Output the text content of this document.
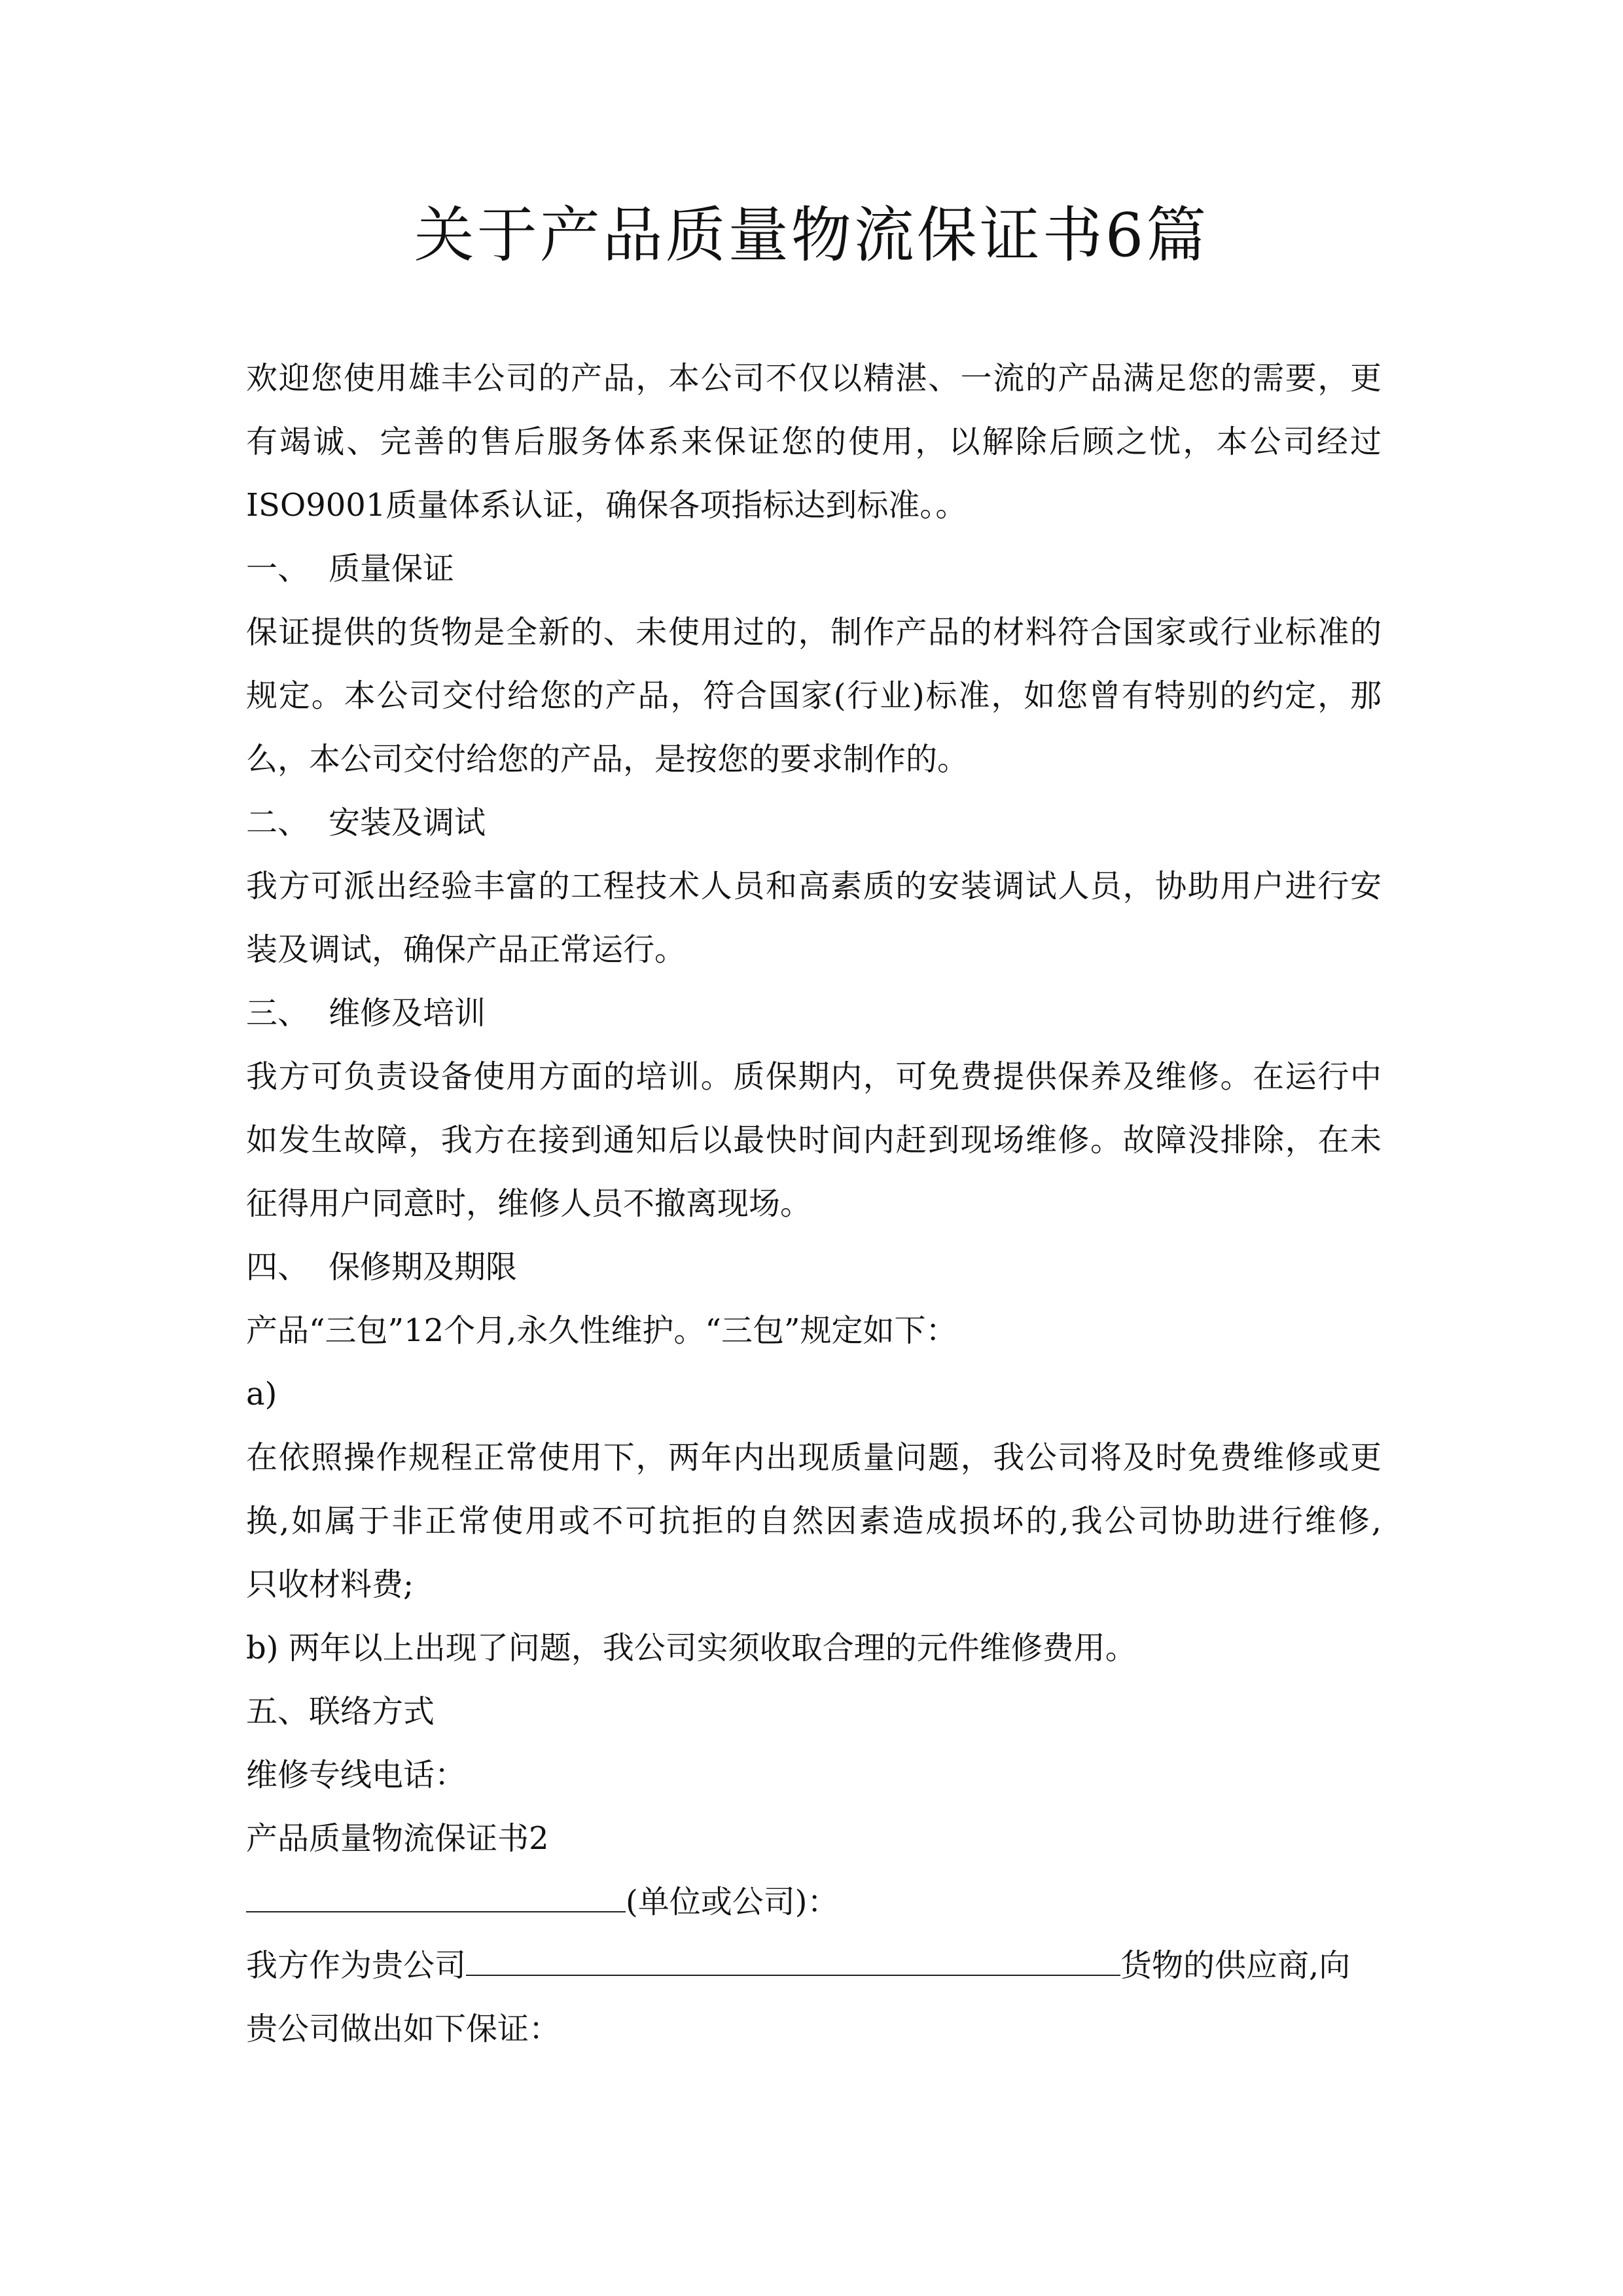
关于产品质量物流保证书6篇
欢迎您使用雄丰公司的产品，本公司不仅以精湛、一流的产品满足您的需要，更
有竭诚、完善的售后服务体系来保证您的使用，以解除后顾之忧，本公司经过
ISO9001质量体系认证，确保各项指标达到标准。。
一、 质量保证
保证提供的货物是全新的、未使用过的，制作产品的材料符合国家或行业标准的
规定。本公司交付给您的产品，符合国家(行业)标准，如您曾有特别的约定，那
么，本公司交付给您的产品，是按您的要求制作的。
二、 安装及调试
我方可派出经验丰富的工程技术人员和高素质的安装调试人员，协助用户进行安
装及调试，确保产品正常运行。
三、 维修及培训
我方可负责设备使用方面的培训。质保期内，可免费提供保养及维修。在运行中
如发生故障，我方在接到通知后以最快时间内赶到现场维修。故障没排除，在未
征得用户同意时，维修人员不撤离现场。
四、 保修期及期限
产品“三包”12个月,永久性维护。“三包”规定如下：
a)
在依照操作规程正常使用下，两年内出现质量问题，我公司将及时免费维修或更
换,如属于非正常使用或不可抗拒的自然因素造成损坏的,我公司协助进行维修,
只收材料费;
b) 两年以上出现了问题，我公司实须收取合理的元件维修费用。
五、联络方式
维修专线电话：
产品质量物流保证书2
(单位或公司)：
我方作为贵公司	货物的供应商,向
贵公司做出如下保证：
